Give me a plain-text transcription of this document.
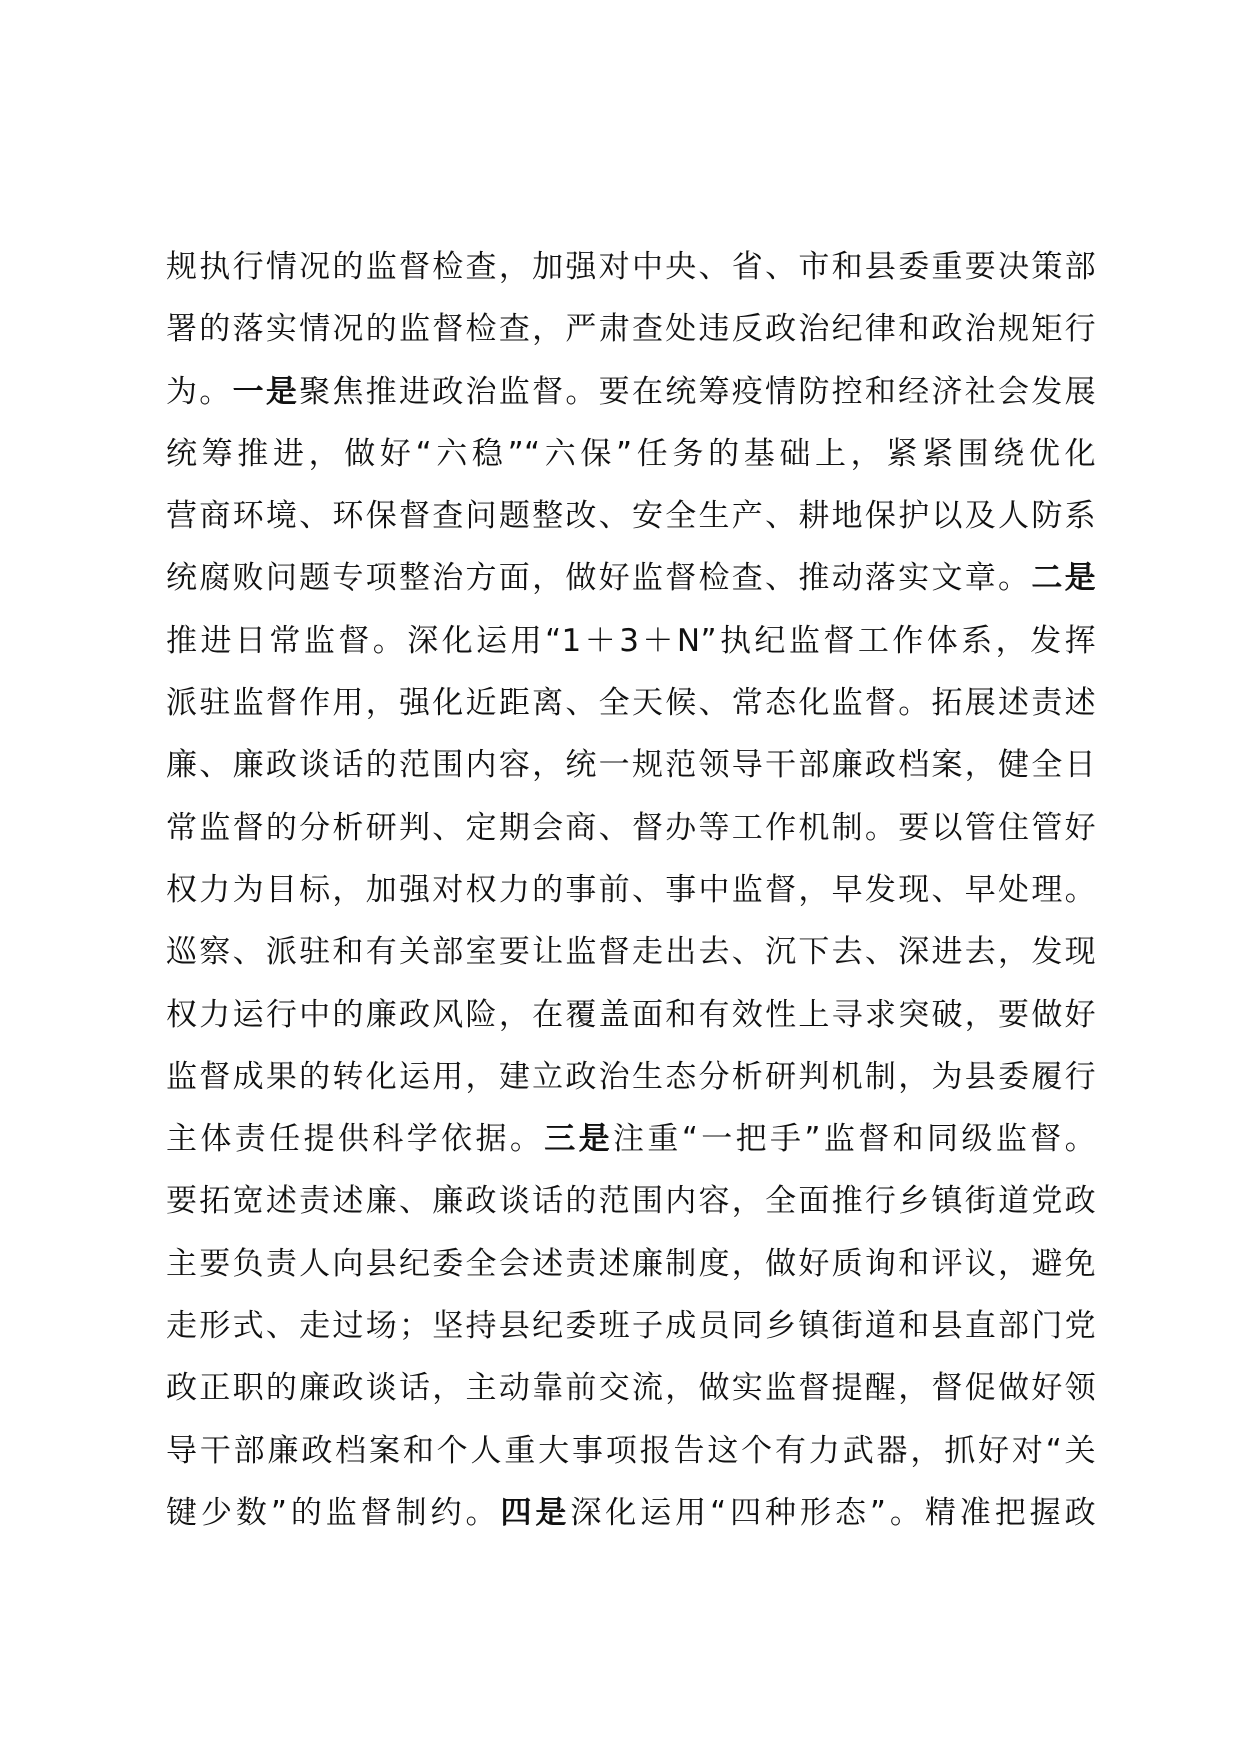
规执行情况的监督检查，加强对中央、省、市和县委重要决策部
署的落实情况的监督检查，严肃查处违反政治纪律和政治规矩行
为。一是聚焦推进政治监督。要在统筹疫情防控和经济社会发展
统筹推进，做好“六稳”“六保”任务的基础上，紧紧围绕优化
营商环境、环保督查问题整改、安全生产、耕地保护以及人防系
统腐败问题专项整治方面，做好监督检查、推动落实文章。二是
推进日常监督。深化运用“1＋3＋N”执纪监督工作体系，发挥
派驻监督作用，强化近距离、全天候、常态化监督。拓展述责述
廉、廉政谈话的范围内容，统一规范领导干部廉政档案，健全日
常监督的分析研判、定期会商、督办等工作机制。要以管住管好
权力为目标，加强对权力的事前、事中监督，早发现、早处理。
巡察、派驻和有关部室要让监督走出去、沉下去、深进去，发现
权力运行中的廉政风险，在覆盖面和有效性上寻求突破，要做好
监督成果的转化运用，建立政治生态分析研判机制，为县委履行
主体责任提供科学依据。三是注重“一把手”监督和同级监督。
要拓宽述责述廉、廉政谈话的范围内容，全面推行乡镇街道党政
主要负责人向县纪委全会述责述廉制度，做好质询和评议，避免
走形式、走过场；坚持县纪委班子成员同乡镇街道和县直部门党
政正职的廉政谈话，主动靠前交流，做实监督提醒，督促做好领
导干部廉政档案和个人重大事项报告这个有力武器，抓好对“关
键少数”的监督制约。四是深化运用“四种形态”。精准把握政
